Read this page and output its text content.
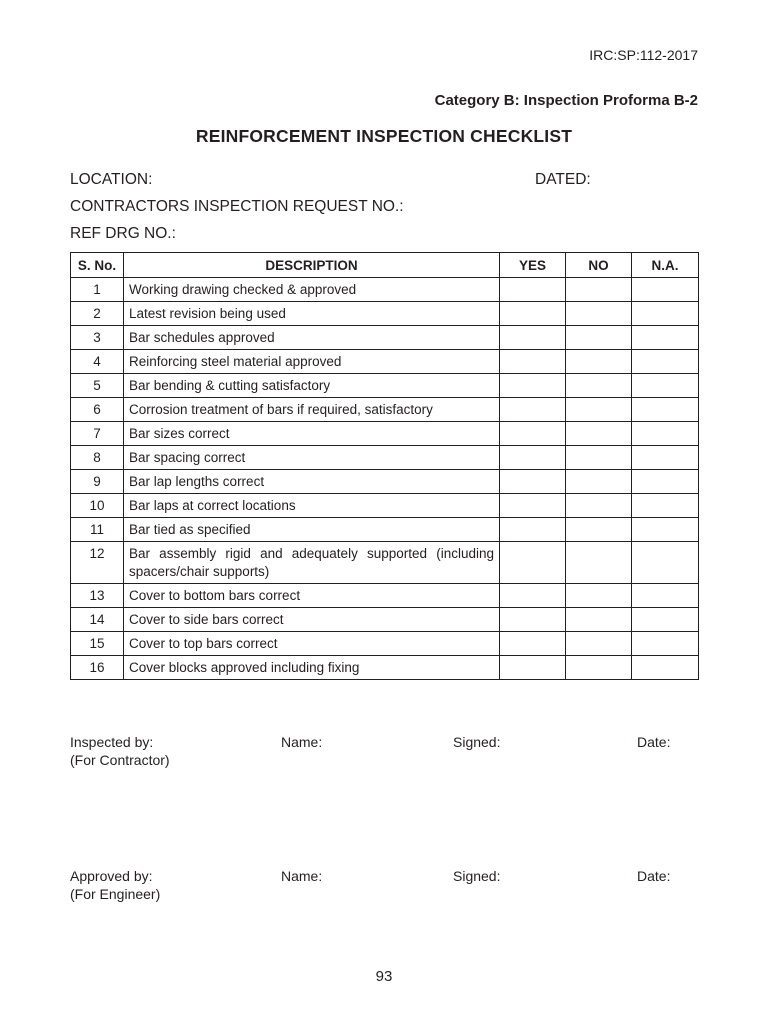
IRC:SP:112-2017
Category B: Inspection Proforma B-2
REINFORCEMENT INSPECTION CHECKLIST
LOCATION:	DATED:
CONTRACTORS INSPECTION REQUEST NO.:
REF DRG NO.:
S. No.	DESCRIPTION	YES	NO	N.A.
1	Working drawing checked & approved			
2	Latest revision being used			
3	Bar schedules approved			
4	Reinforcing steel material approved			
5	Bar bending & cutting satisfactory			
6	Corrosion treatment of bars if required, satisfactory			
7	Bar sizes correct			
8	Bar spacing correct			
9	Bar lap lengths correct			
10	Bar laps at correct locations			
11	Bar tied as specified			
12	Bar assembly rigid and adequately supported (including spacers/chair supports)			
13	Cover to bottom bars correct			
14	Cover to side bars correct			
15	Cover to top bars correct			
16	Cover blocks approved including fixing			
Inspected by:
(For Contractor)
Name:	Signed:	Date:
Approved by:
(For Engineer)
Name:	Signed:	Date:
93
